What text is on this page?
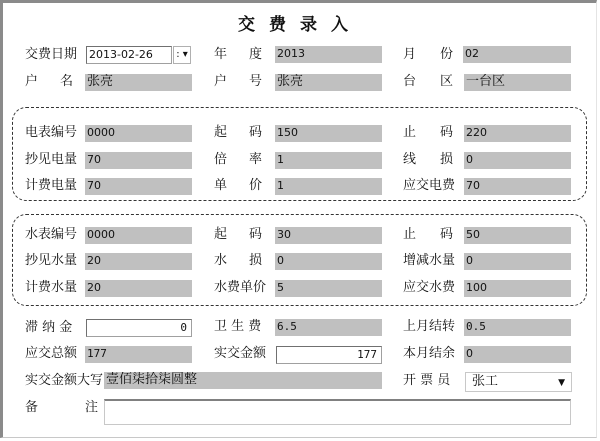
交费录入
交费日期 2013-02-26	: ▾ 年 度 2013	月 份 02
户 名 张亮	户 号 张亮	台 区 一台区
电表编号 0000	起 码 150	止 码 220
抄见电量 70	倍 率 1	线 损 0
计费电量 70	单 价 1	应交电费 70
水表编号 0000	起 码 30	止 码 50
抄见水量 20	水 损 0	增减水量 0
计费水量 20	水费单价 5	应交水费 100
滞 纳 金	0	卫 生 费 6.5	上月结转 0.5
应交总额 177	实交金额	177	本月结余 0
实交金额大写 壹佰柒拾柒圆整	开 票 员	张工	▼
备	注
